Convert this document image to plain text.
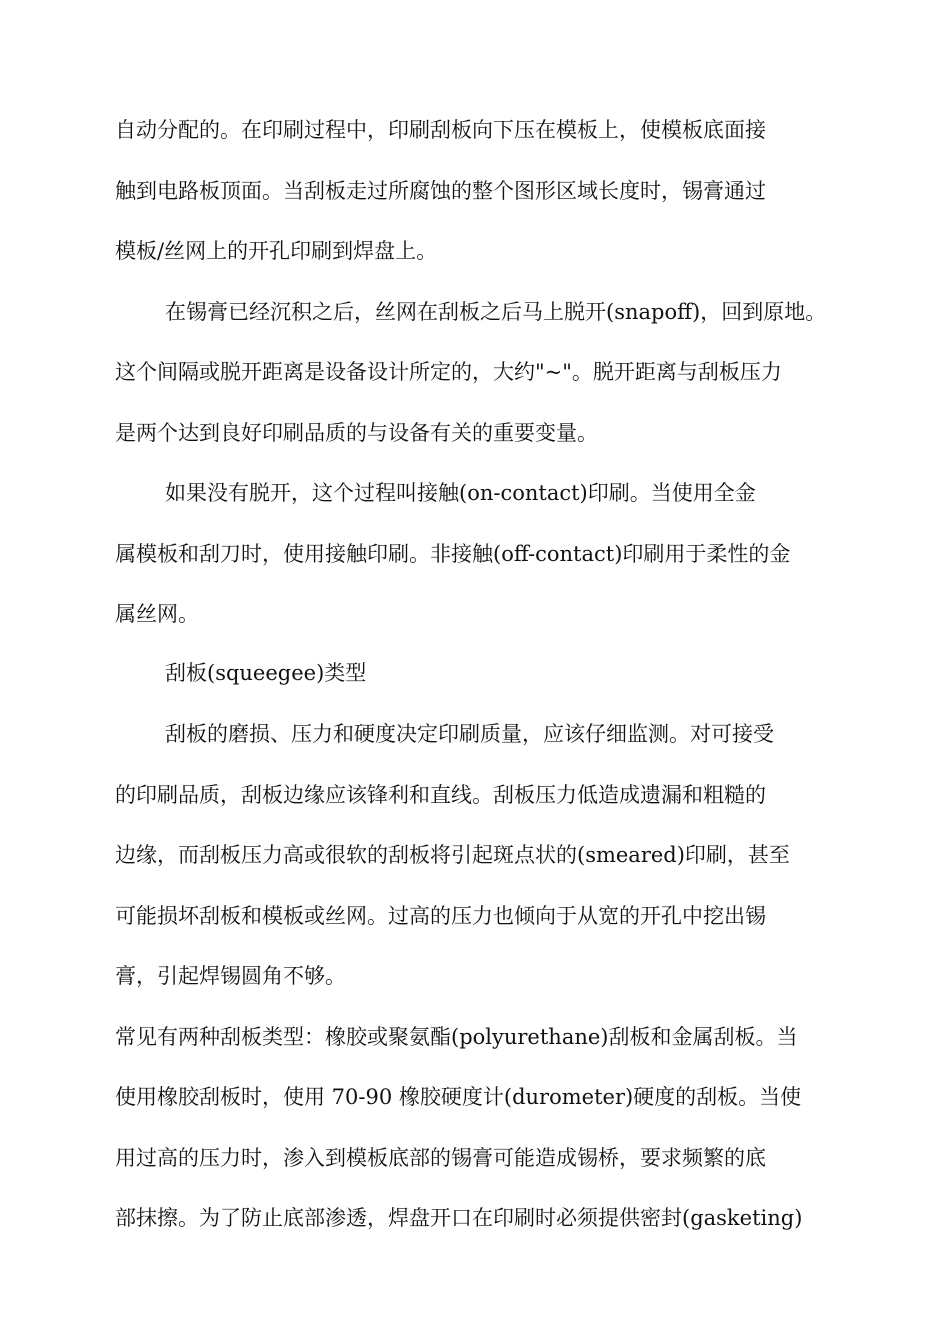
自动分配的。在印刷过程中，印刷刮板向下压在模板上，使模板底面接
触到电路板顶面。当刮板走过所腐蚀的整个图形区域长度时，锡膏通过
模板/丝网上的开孔印刷到焊盘上。
在锡膏已经沉积之后，丝网在刮板之后马上脱开(snapoff)，回到原地。
这个间隔或脱开距离是设备设计所定的，大约"~"。脱开距离与刮板压力
是两个达到良好印刷品质的与设备有关的重要变量。
如果没有脱开，这个过程叫接触(on-contact)印刷。当使用全金
属模板和刮刀时，使用接触印刷。非接触(off-contact)印刷用于柔性的金
属丝网。
刮板(squeegee)类型
刮板的磨损、压力和硬度决定印刷质量，应该仔细监测。对可接受
的印刷品质，刮板边缘应该锋利和直线。刮板压力低造成遗漏和粗糙的
边缘，而刮板压力高或很软的刮板将引起斑点状的(smeared)印刷，甚至
可能损坏刮板和模板或丝网。过高的压力也倾向于从宽的开孔中挖出锡
膏，引起焊锡圆角不够。
常见有两种刮板类型：橡胶或聚氨酯(polyurethane)刮板和金属刮板。当
使用橡胶刮板时，使用 70-90 橡胶硬度计(durometer)硬度的刮板。当使
用过高的压力时，渗入到模板底部的锡膏可能造成锡桥，要求频繁的底
部抹擦。为了防止底部渗透，焊盘开口在印刷时必须提供密封(gasketing)
